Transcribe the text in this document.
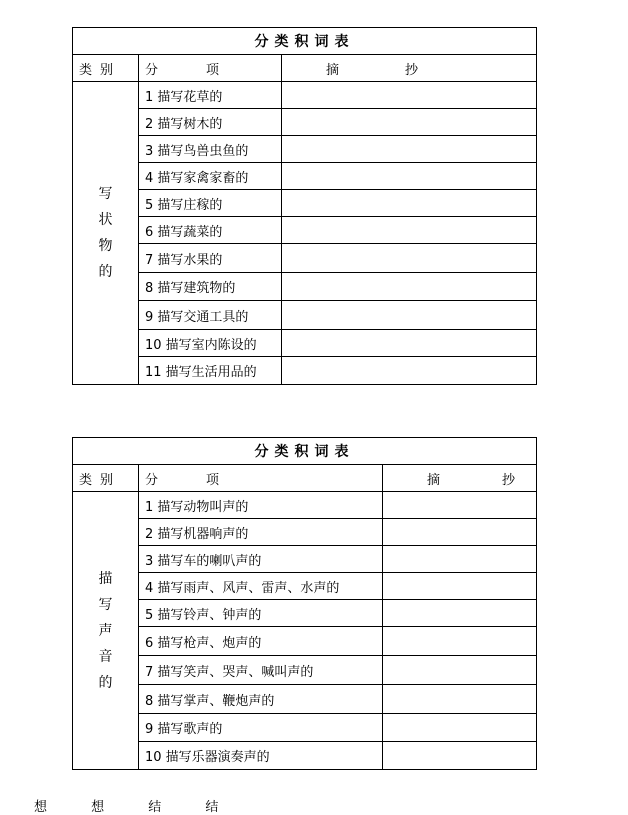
分类积词表		
类别	分 项	摘 抄

写
状
物
的	1 描写花草的	
	2 描写树木的	
	3 描写鸟兽虫鱼的	
	4 描写家禽家畜的	
	5 描写庄稼的	
	6 描写蔬菜的	
	7 描写水果的	
	8 描写建筑物的	
	9 描写交通工具的	
	10 描写室内陈设的	
	11 描写生活用品的	
分类积词表		
类别	分 项	摘 抄

描
写
声
音
的	1 描写动物叫声的	
	2 描写机器响声的	
	3 描写车的喇叭声的	
	4 描写雨声、风声、雷声、水声的	
	5 描写铃声、钟声的	
	6 描写枪声、炮声的	
	7 描写笑声、哭声、喊叫声的	
	8 描写掌声、鞭炮声的	
	9 描写歌声的	
	10 描写乐器演奏声的	
想 想 结 结
